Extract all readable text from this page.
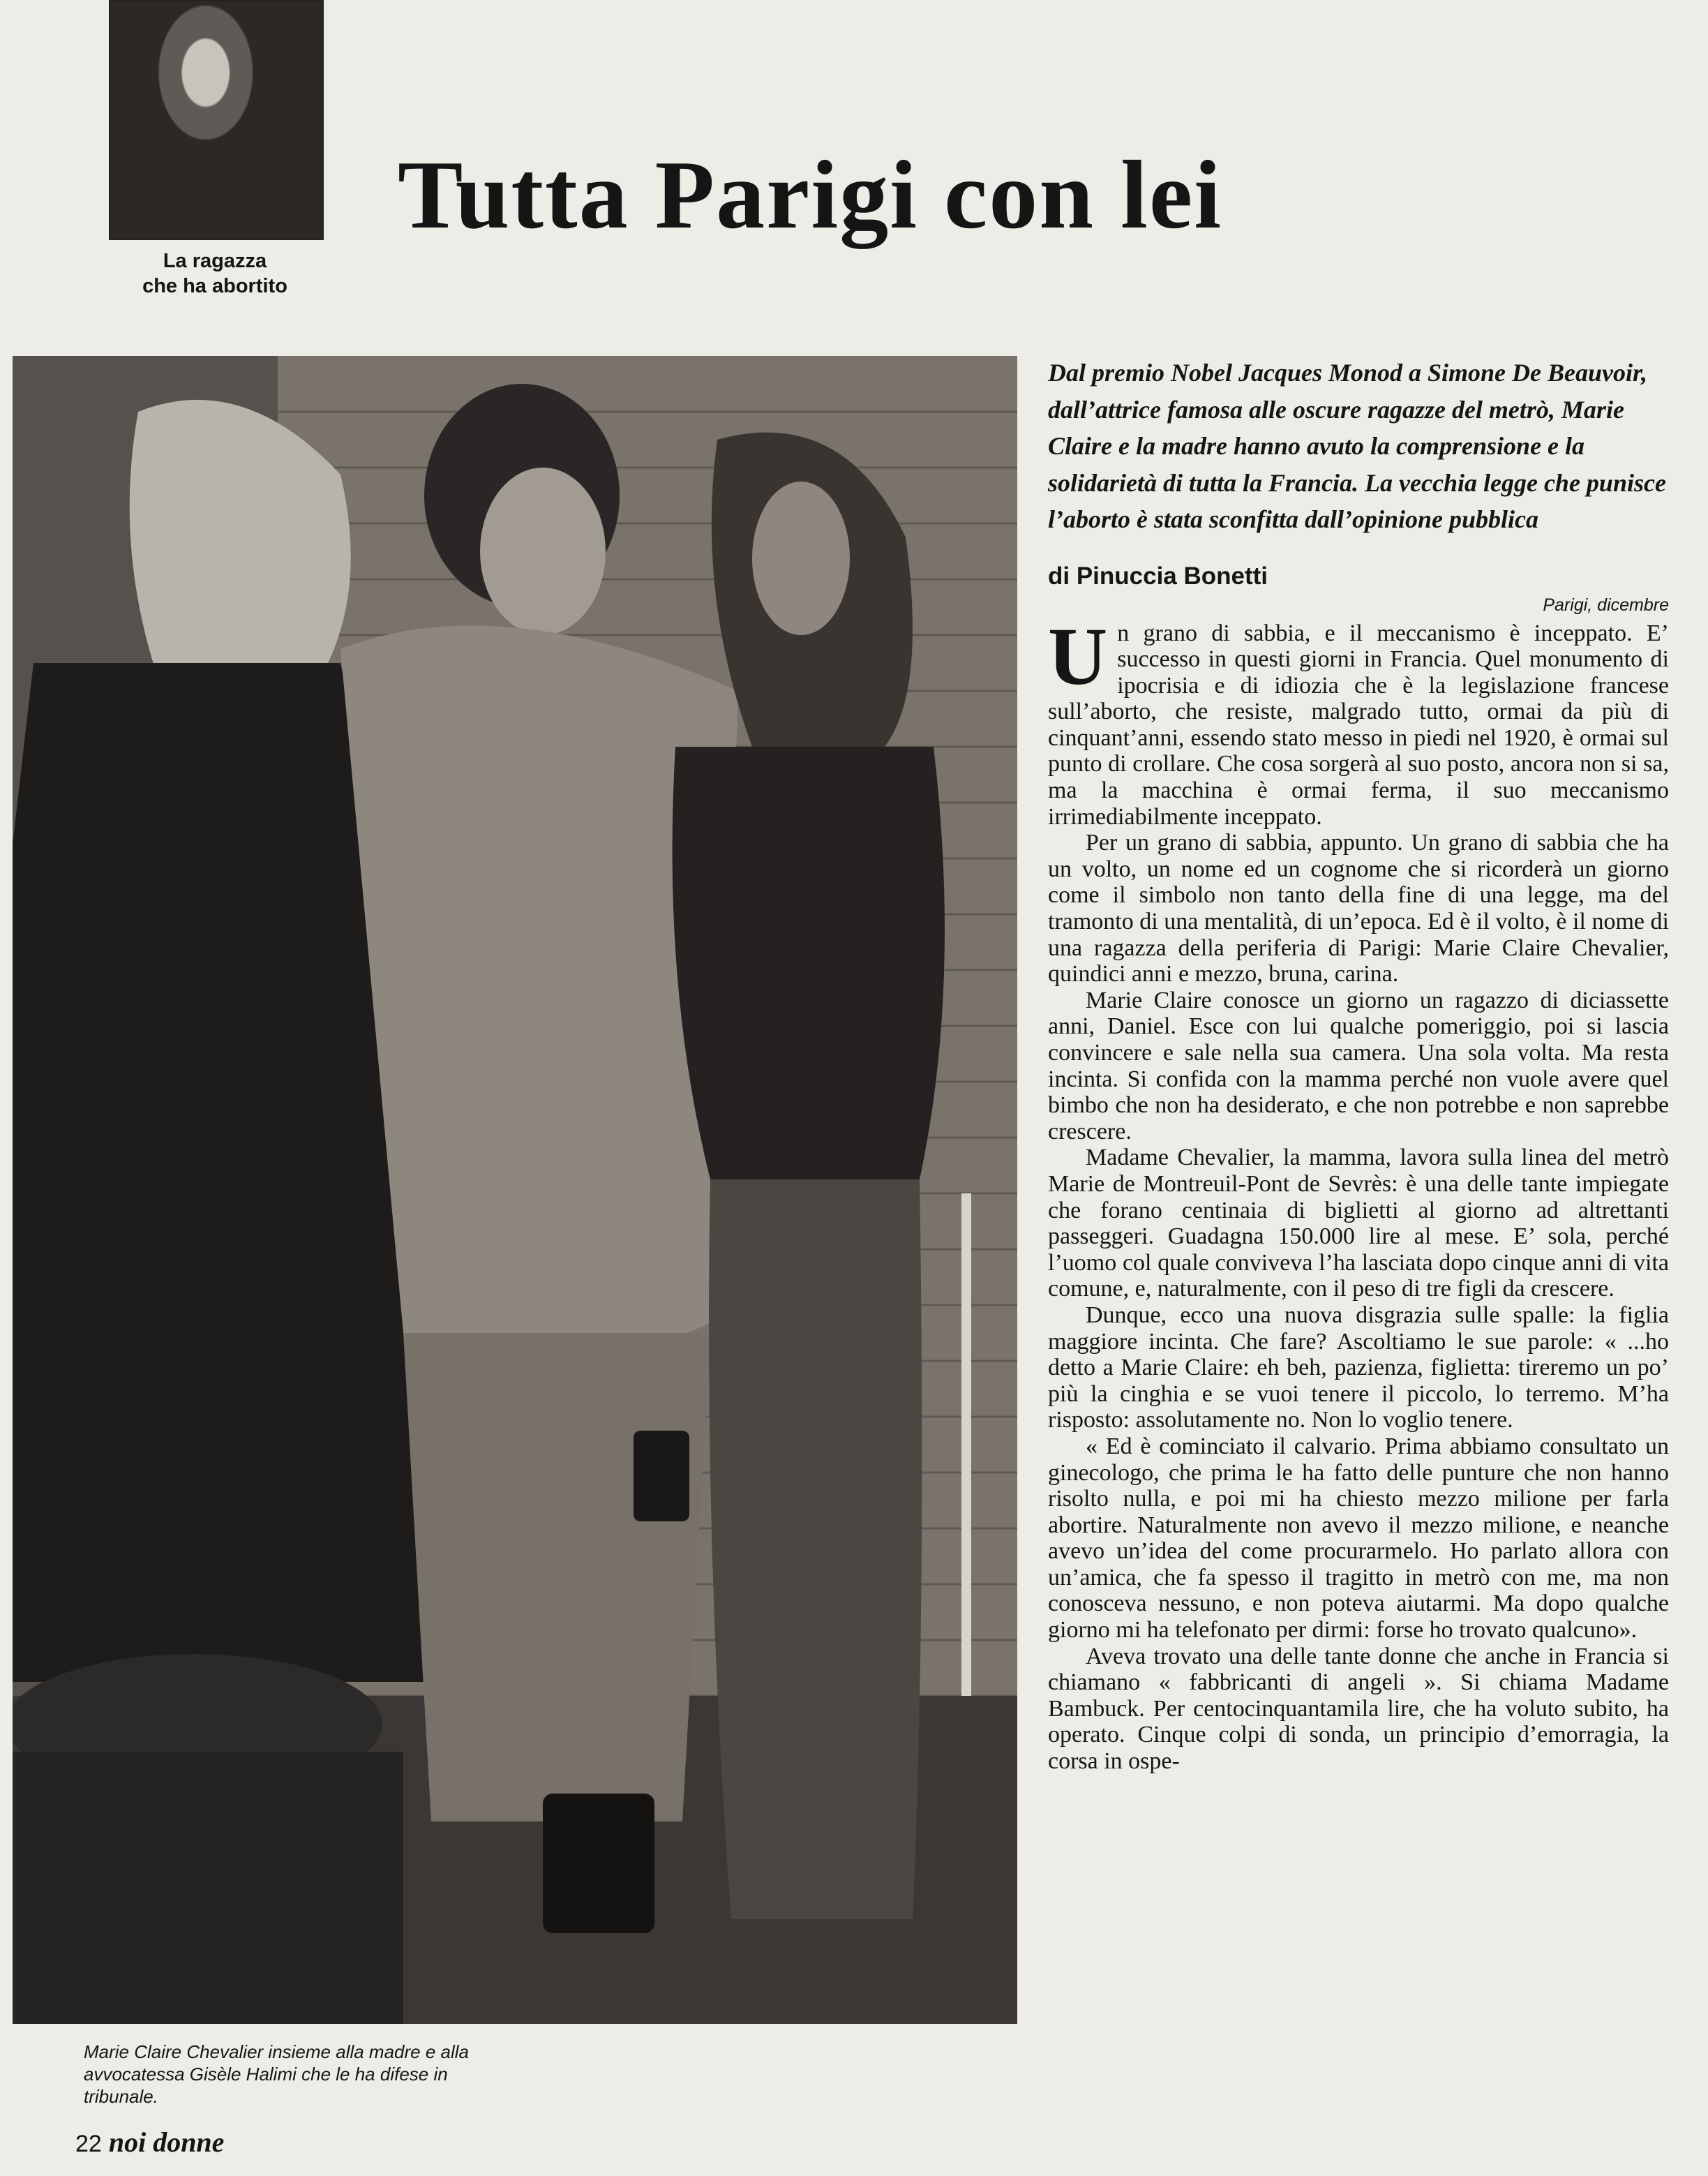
La ragazza
che ha abortito
Tutta Parigi con lei
Marie Claire Chevalier insieme alla madre e alla avvocatessa Gisèle Halimi che le ha difese in tribunale.
22 noi donne

Dal premio Nobel Jacques Monod a Simone De Beauvoir, dall’attrice famosa alle oscure ragazze del metrò, Marie Claire e la madre hanno avuto la comprensione e la solidarietà di tutta la Francia. La vecchia legge che punisce l’aborto è stata sconfitta dall’opinione pubblica

di Pinuccia Bonetti

Parigi, dicembre

Un grano di sabbia, e il meccanismo è inceppato. E’ successo in questi giorni in Francia. Quel monumento di ipocrisia e di idiozia che è la legislazione francese sull’aborto, che resiste, malgrado tutto, ormai da più di cinquant’anni, essendo stato messo in piedi nel 1920, è ormai sul punto di crollare. Che cosa sorgerà al suo posto, ancora non si sa, ma la macchina è ormai ferma, il suo meccanismo irrimediabilmente inceppato.

Per un grano di sabbia, appunto. Un grano di sabbia che ha un volto, un nome ed un cognome che si ricorderà un giorno come il simbolo non tanto della fine di una legge, ma del tramonto di una mentalità, di un’epoca. Ed è il volto, è il nome di una ragazza della periferia di Parigi: Marie Claire Chevalier, quindici anni e mezzo, bruna, carina.

Marie Claire conosce un giorno un ragazzo di diciassette anni, Daniel. Esce con lui qualche pomeriggio, poi si lascia convincere e sale nella sua camera. Una sola volta. Ma resta incinta. Si confida con la mamma perché non vuole avere quel bimbo che non ha desiderato, e che non potrebbe e non saprebbe crescere.

Madame Chevalier, la mamma, lavora sulla linea del metrò Marie de Montreuil-Pont de Sevrès: è una delle tante impiegate che forano centinaia di biglietti al giorno ad altrettanti passeggeri. Guadagna 150.000 lire al mese. E’ sola, perché l’uomo col quale conviveva l’ha lasciata dopo cinque anni di vita comune, e, naturalmente, con il peso di tre figli da crescere.

Dunque, ecco una nuova disgrazia sulle spalle: la figlia maggiore incinta. Che fare? Ascoltiamo le sue parole: « ...ho detto a Marie Claire: eh beh, pazienza, figlietta: tireremo un po’ più la cinghia e se vuoi tenere il piccolo, lo terremo. M’ha risposto: assolutamente no. Non lo voglio tenere.

« Ed è cominciato il calvario. Prima abbiamo consultato un ginecologo, che prima le ha fatto delle punture che non hanno risolto nulla, e poi mi ha chiesto mezzo milione per farla abortire. Naturalmente non avevo il mezzo milione, e neanche avevo un’idea del come procurarmelo. Ho parlato allora con un’amica, che fa spesso il tragitto in metrò con me, ma non conosceva nessuno, e non poteva aiutarmi. Ma dopo qualche giorno mi ha telefonato per dirmi: forse ho trovato qualcuno».

Aveva trovato una delle tante donne che anche in Francia si chiamano « fabbricanti di angeli ». Si chiama Madame Bambuck. Per centocinquantamila lire, che ha voluto subito, ha operato. Cinque colpi di sonda, un principio d’emorragia, la corsa in ospe-
